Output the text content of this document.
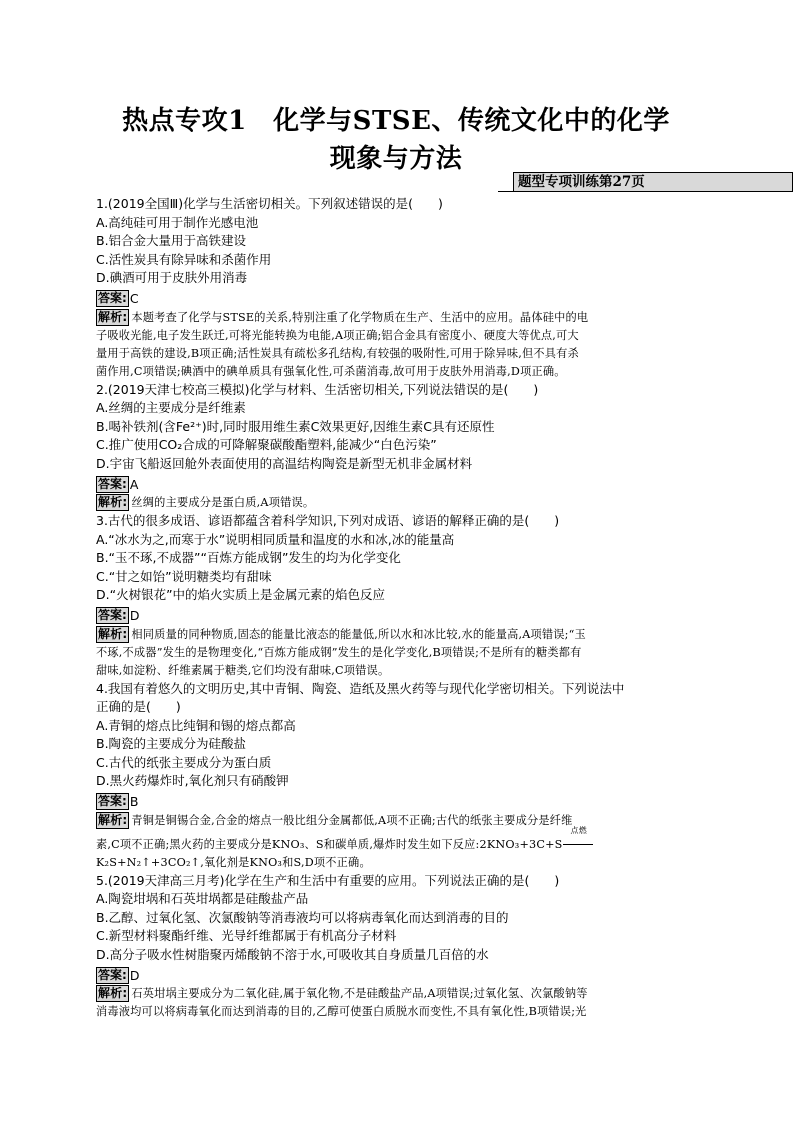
热点专攻1　化学与STSE、传统文化中的化学
现象与方法
题型专项训练第27页
1.(2019全国Ⅲ)化学与生活密切相关。下列叙述错误的是(　　)
A.高纯硅可用于制作光感电池
B.铝合金大量用于高铁建设
C.活性炭具有除异味和杀菌作用
D.碘酒可用于皮肤外用消毒
答案: C
解析: 本题考查了化学与STSE的关系,特别注重了化学物质在生产、生活中的应用。晶体硅中的电
子吸收光能,电子发生跃迁,可将光能转换为电能,A项正确;铝合金具有密度小、硬度大等优点,可大
量用于高铁的建设,B项正确;活性炭具有疏松多孔结构,有较强的吸附性,可用于除异味,但不具有杀
菌作用,C项错误;碘酒中的碘单质具有强氧化性,可杀菌消毒,故可用于皮肤外用消毒,D项正确。
2.(2019天津七校高三模拟)化学与材料、生活密切相关,下列说法错误的是(　　)
A.丝绸的主要成分是纤维素
B.喝补铁剂(含Fe²⁺)时,同时服用维生素C效果更好,因维生素C具有还原性
C.推广使用CO₂合成的可降解聚碳酸酯塑料,能减少“白色污染”
D.宇宙飞船返回舱外表面使用的高温结构陶瓷是新型无机非金属材料
答案: A
解析: 丝绸的主要成分是蛋白质,A项错误。
3.古代的很多成语、谚语都蕴含着科学知识,下列对成语、谚语的解释正确的是(　　)
A.“冰水为之,而寒于水”说明相同质量和温度的水和冰,冰的能量高
B.“玉不琢,不成器”“百炼方能成钢”发生的均为化学变化
C.“甘之如饴”说明糖类均有甜味
D.“火树银花”中的焰火实质上是金属元素的焰色反应
答案: D
解析: 相同质量的同种物质,固态的能量比液态的能量低,所以水和冰比较,水的能量高,A项错误;“玉
不琢,不成器”发生的是物理变化,“百炼方能成钢”发生的是化学变化,B项错误;不是所有的糖类都有
甜味,如淀粉、纤维素属于糖类,它们均没有甜味,C项错误。
4.我国有着悠久的文明历史,其中青铜、陶瓷、造纸及黑火药等与现代化学密切相关。下列说法中
正确的是(　　)
A.青铜的熔点比纯铜和锡的熔点都高
B.陶瓷的主要成分为硅酸盐
C.古代的纸张主要成分为蛋白质
D.黑火药爆炸时,氧化剂只有硝酸钾
答案: B
解析: 青铜是铜锡合金,合金的熔点一般比组分金属都低,A项不正确;古代的纸张主要成分是纤维
素,C项不正确;黑火药的主要成分是KNO₃、S和碳单质,爆炸时发生如下反应:2KNO₃+3C+S
点燃
K₂S+N₂↑+3CO₂↑,氧化剂是KNO₃和S,D项不正确。
5.(2019天津高三月考)化学在生产和生活中有重要的应用。下列说法正确的是(　　)
A.陶瓷坩埚和石英坩埚都是硅酸盐产品
B.乙醇、过氧化氢、次氯酸钠等消毒液均可以将病毒氧化而达到消毒的目的
C.新型材料聚酯纤维、光导纤维都属于有机高分子材料
D.高分子吸水性树脂聚丙烯酸钠不溶于水,可吸收其自身质量几百倍的水
答案: D
解析: 石英坩埚主要成分为二氧化硅,属于氧化物,不是硅酸盐产品,A项错误;过氧化氢、次氯酸钠等
消毒液均可以将病毒氧化而达到消毒的目的,乙醇可使蛋白质脱水而变性,不具有氧化性,B项错误;光
